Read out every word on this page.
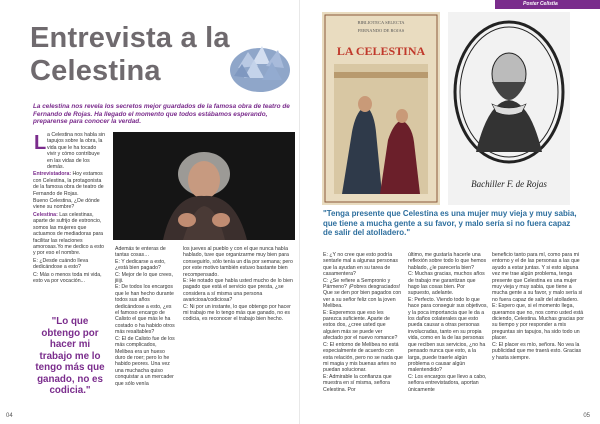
Entrevista a la Celestina
La celestina nos revela los secretos mejor guardados de la famosa obra de teatro de Fernando de Rojas. Ha llegado el momento que todos estábamos esperando, preparense para conocer la verdad.
L a Celestina nos habla sin tapujos sobre la obra, la vida que le ha tocado vivir y cómo contribuye en las vidas de los demás.

Entrevistadora: Hoy estamos con Celestina, la protagonista de la famosa obra de teatro de Fernando de Rojas.

Bueno Celestina, ¿De dónde viene su nombre?

Celestina: Las celestinas, aparte de sufrijo de estroncio, somos las mujeres que actuamos de mediadoras para facilitar las relaciones amorosas.Yo me dedico a esto y por eso el nombre.

E: ¿Desde cuándo lleva dedicándose a esto?

C: Más o menos toda mi vida, esto va por vocación...

"Lo que obtengo por hacer mi trabajo me lo tengo más que ganado, no es codicia."
Además te enteras de tantas cosas…
E: Y dedicarse a esto, ¿está bien pagado?
C: Mejor de lo que crees, jiiiji.
E: De todos los encargos que le han hecho durante todos sus años dedicándose a esto, ¿es el famoso encargo de Calisto el que más le ha costado o ha habido otros más resaltables?
C: El de Calisto fue de los más complicados, Melibea era un hueso duro de roer; pero lo he habido peores. Una vez una muchacha quiso conquistar a un mercader que sólo venía
los jueves al pueblo y con el que nunca había hablado, tuve que organizarme muy bien para conseguirlo, sólo tenía un día por semana; pero por este motivo también estuvo bastante bien recompensado.
E: He notado que había usted mucho de lo bien pagado que está el servicio que presta, ¿se considera a sí misma una persona avariciosa/codiciosa?
C: Ni por un instante, lo que obtengo por hacer mi trabajo me lo tengo más que ganado, no es codicia, es reconocer el trabajo bien hecho.
04
Poster Celistia
BIBLIOTECA SELECTA
FERNANDO DE ROJAS
LA CELESTINA
Bachiller F. de Rojas
"Tenga presente que Celestina es una mujer muy vieja y muy sabia, que tiene a mucha gente a su favor, y malo sería si no fuera capaz de salir del atolladero."
E: ¿Y no cree que esto podría sentarle mal a algunas personas que la ayudan en su tarea de casamentera?
C: ¿Se refiere a Sempronio y Pármeno? ¡Pobres desgraciados! Que se den por bien pagados con ver a su señor feliz con la joven Melibea.
E: Esperemos que eso les parezca suficiente. Aparte de estos dos, ¿cree usted que alguien más se puede ver afectado por el nuevo romance?
C: El entorno de Melibea no está especialmente de acuerdo con esta relación, pero no se nada que mi magia y mis buenas artes no puedan solucionar.
E: Admirable la confianza que muestra en sí misma, señora Celestina. Por
último, me gustaría hacerle una reflexión sobre todo lo que hemos hablado, ¿le parecería bien?
C: Muchas gracias, muchos años de trabajo me garantizan que hago las cosas bien. Por supuesto, adelante.
E: Perfecto. Viendo todo lo que hace para conseguir sus objetivos, y la poca importancia que le da a los daños colaterales que esto pueda causar a otras personas involucradas, tanto en su propia vida, como en la de las personas que reciben sus servicios, ¿no ha pensado nunca que esto, a la larga, puede traerle algún problema o causar algún malentendido?
C: Los encargos que llevo a cabo, señora entrevistadora, aportan únicamente
beneficio tanto para mí, como para mi entorno y el de las personas a las que ayudo a estar juntas. Y si esto alguna vez me trae algún problema, tenga presente que Celestina es una mujer muy vieja y muy sabia, que tiene a mucha gente a su favor, y malo sería si no fuera capaz de salir del atolladero.
E: Espero que, si el momento llega, queramos que no, nos como usted está diciendo, Celestina. Muchas gracias por su tiempo y por responder a mis preguntas sin tapujos, ha sido todo un placer.
C: El placer es mío, señora. No vea la publicidad que me traerá esto. Gracias y hasta siempre.
05
